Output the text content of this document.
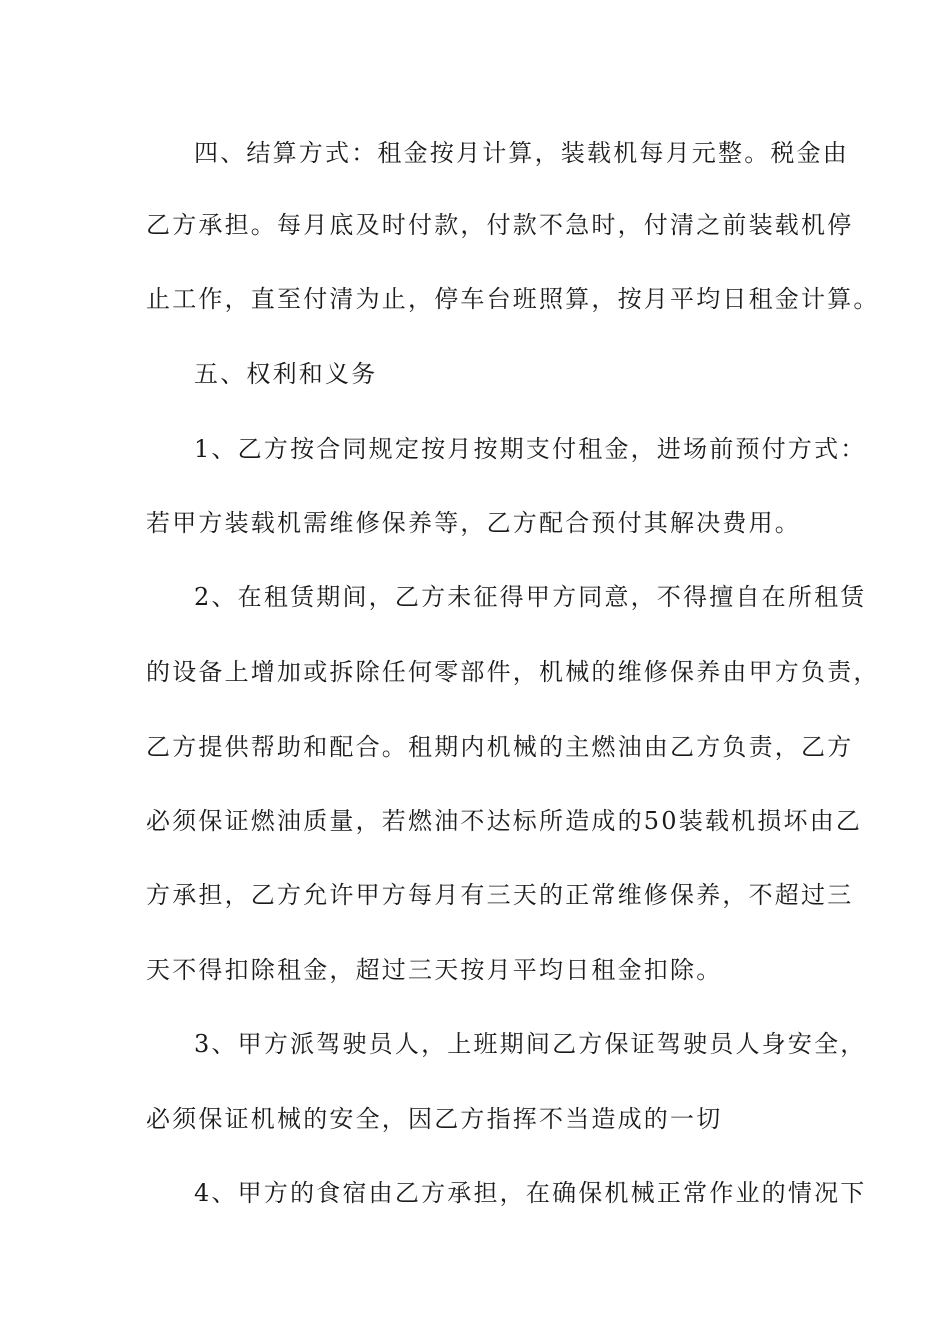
四、结算方式：租金按月计算，装载机每月元整。税金由
乙方承担。每月底及时付款，付款不急时，付清之前装载机停
止工作，直至付清为止，停车台班照算，按月平均日租金计算。
五、权利和义务
1、乙方按合同规定按月按期支付租金，进场前预付方式：
若甲方装载机需维修保养等，乙方配合预付其解决费用。
2、在租赁期间，乙方未征得甲方同意，不得擅自在所租赁
的设备上增加或拆除任何零部件，机械的维修保养由甲方负责，
乙方提供帮助和配合。租期内机械的主燃油由乙方负责，乙方
必须保证燃油质量，若燃油不达标所造成的50装载机损坏由乙
方承担，乙方允许甲方每月有三天的正常维修保养，不超过三
天不得扣除租金，超过三天按月平均日租金扣除。
3、甲方派驾驶员人，上班期间乙方保证驾驶员人身安全，
必须保证机械的安全，因乙方指挥不当造成的一切
4、甲方的食宿由乙方承担，在确保机械正常作业的情况下
